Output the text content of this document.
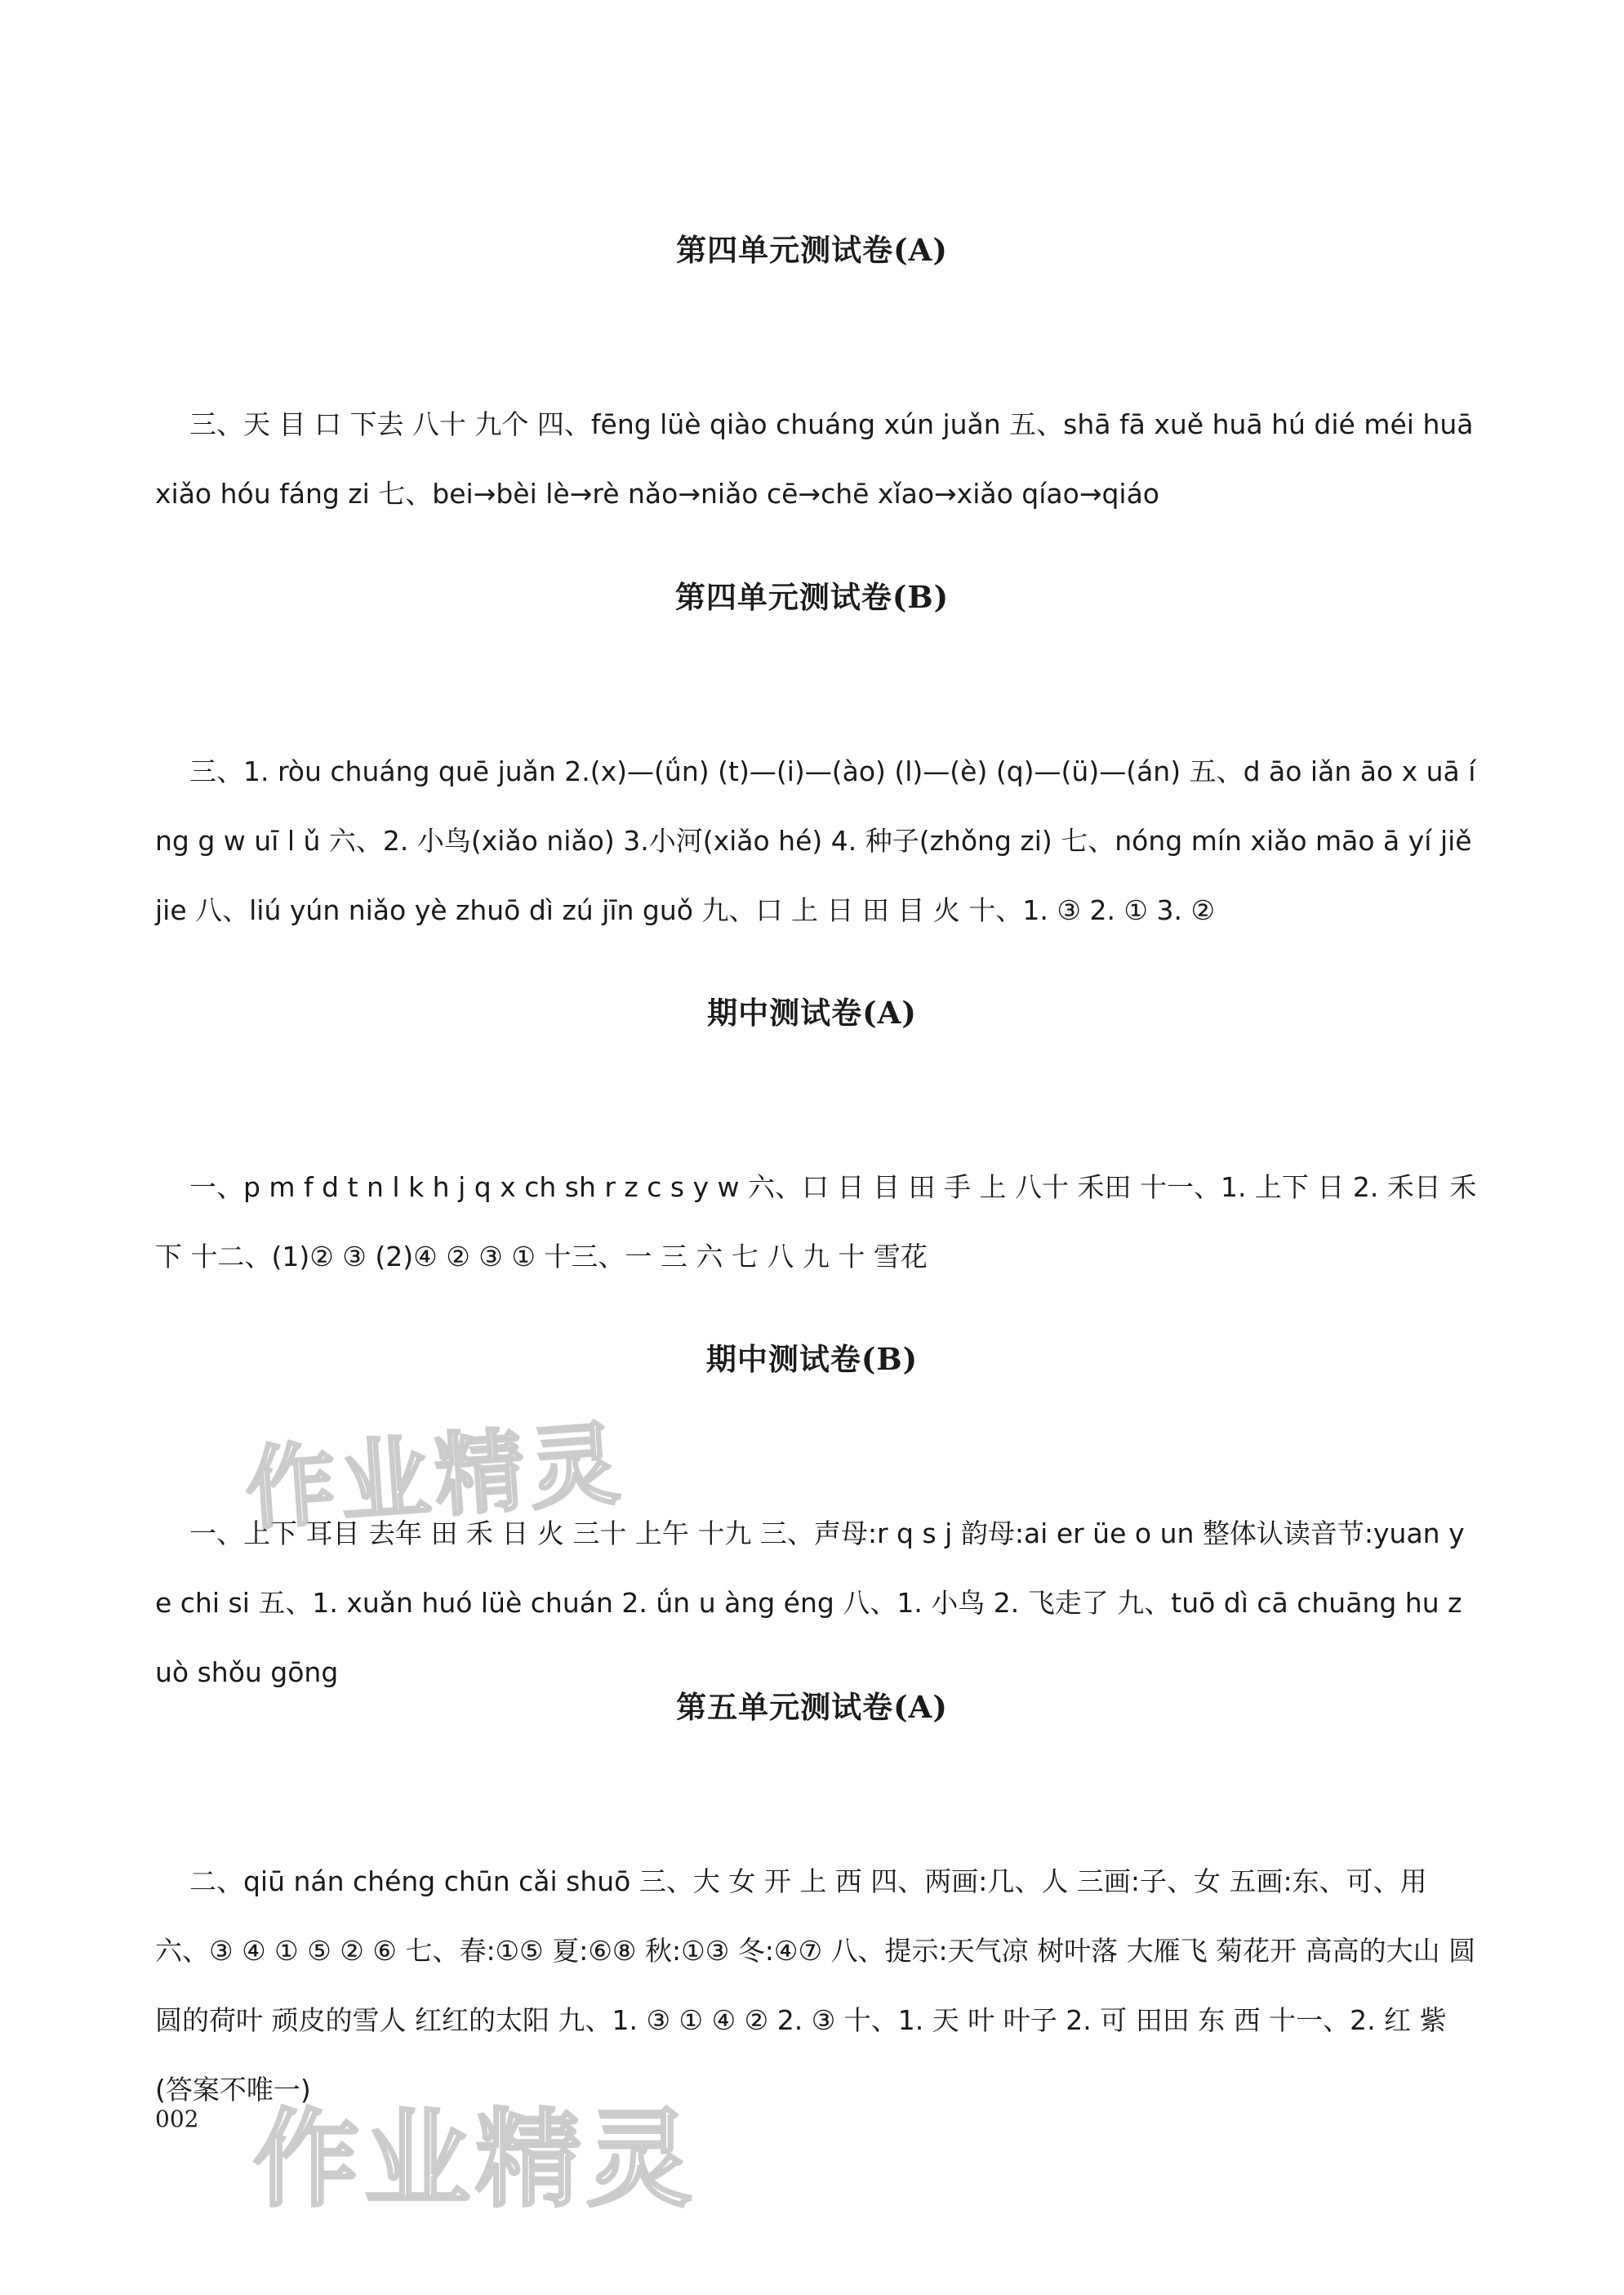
第四单元测试卷(A)

三、天 目 口 下去 八十 九个 四、fēng lüè qiào chuáng xún juǎn 五、shā fā xuě huā hú dié méi huā xiǎo hóu fáng zi 七、bei→bèi lè→rè nǎo→niǎo cē→chē xǐao→xiǎo qíao→qiáo

第四单元测试卷(B)

三、1. ròu chuáng quē juǎn 2.(x)—(ǘn) (t)—(i)—(ào) (l)—(è) (q)—(ü)—(án) 五、d āo iǎn āo x uā íng g w uī l ǔ 六、2. 小鸟(xiǎo niǎo) 3.小河(xiǎo hé) 4. 种子(zhǒng zi) 七、nóng mín xiǎo māo ā yí jiě jie 八、liú yún niǎo yè zhuō dì zú jīn guǒ 九、口 上 日 田 目 火 十、1. ③ 2. ① 3. ②

期中测试卷(A)

一、p m f d t n l k h j q x ch sh r z c s y w 六、口 日 目 田 手 上 八十 禾田 十一、1. 上下 日 2. 禾日 禾下 十二、(1)② ③ (2)④ ② ③ ① 十三、一 三 六 七 八 九 十 雪花

期中测试卷(B)

一、上下 耳目 去年 田 禾 日 火 三十 上午 十九 三、声母:r q s j 韵母:ai er üe o un 整体认读音节:yuan ye chi si 五、1. xuǎn huó lüè chuán 2. ǘn u àng éng 八、1. 小鸟 2. 飞走了 九、tuō dì cā chuāng hu zuò shǒu gōng

第五单元测试卷(A)

二、qiū nán chéng chūn cǎi shuō 三、大 女 开 上 西 四、两画:几、人 三画:子、女 五画:东、可、用 六、③ ④ ① ⑤ ② ⑥ 七、春:①⑤ 夏:⑥⑧ 秋:①③ 冬:④⑦ 八、提示:天气凉 树叶落 大雁飞 菊花开 高高的大山 圆圆的荷叶 顽皮的雪人 红红的太阳 九、1. ③ ① ④ ② 2. ③ 十、1. 天 叶 叶子 2. 可 田田 东 西 十一、2. 红 紫(答案不唯一)

002
作业精灵
作业精灵
